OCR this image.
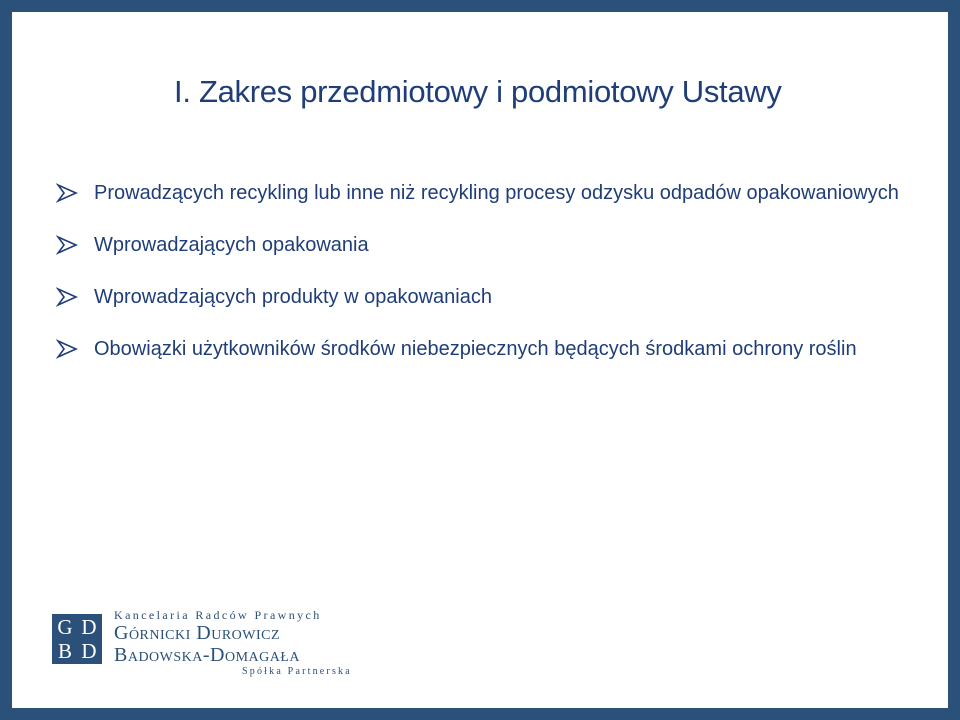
I. Zakres przedmiotowy i podmiotowy Ustawy
Prowadzących recykling lub inne niż recykling procesy odzysku odpadów opakowaniowych
Wprowadzających opakowania
Wprowadzających produkty w opakowaniach
Obowiązki użytkowników środków niebezpiecznych będących środkami ochrony roślin
G D
B D
Kancelaria Radców Prawnych
Górnicki Durowicz
Badowska-Domagała
Spółka Partnerska
